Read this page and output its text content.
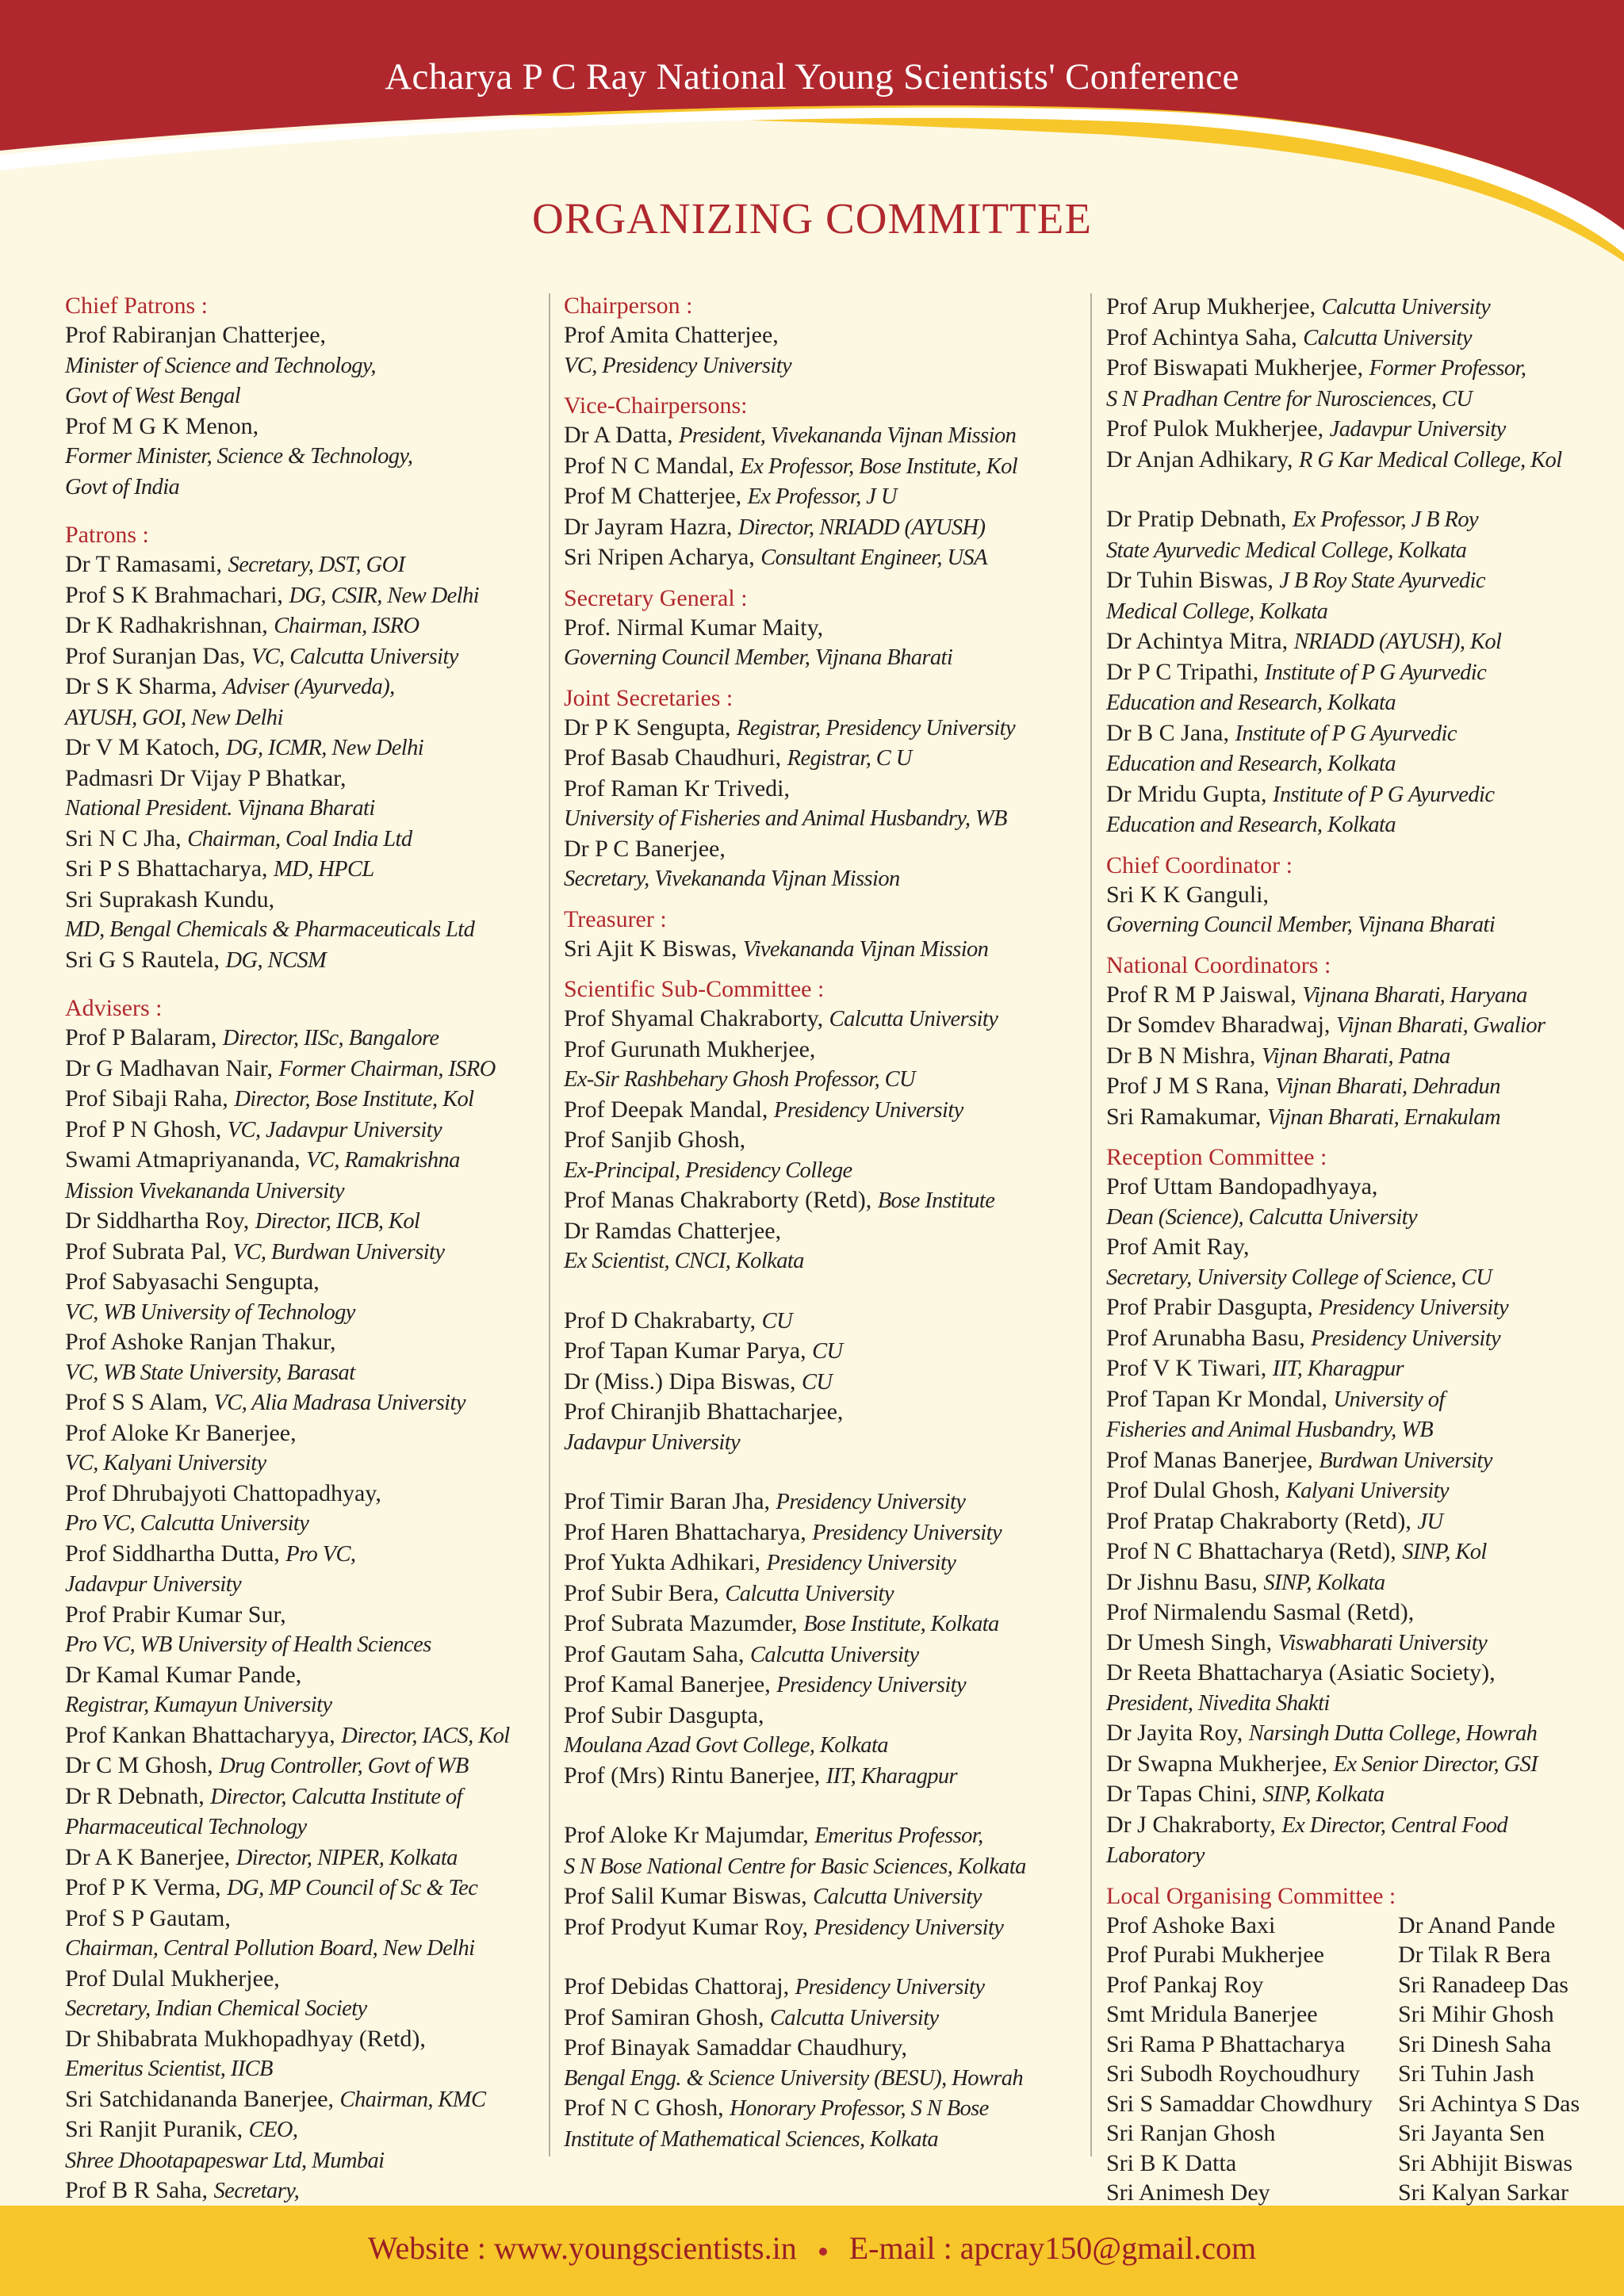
Acharya P C Ray National Young Scientists' Conference
ORGANIZING COMMITTEE
Chief Patrons :
Prof Rabiranjan Chatterjee,
Minister of Science and Technology,
Govt of West Bengal
Prof M G K Menon,
Former Minister, Science & Technology,
Govt of India
Patrons :
Dr T Ramasami, Secretary, DST, GOI
Prof S K Brahmachari, DG, CSIR, New Delhi
Dr K Radhakrishnan, Chairman, ISRO
Prof Suranjan Das, VC, Calcutta University
Dr S K Sharma, Adviser (Ayurveda),
AYUSH, GOI, New Delhi
Dr V M Katoch, DG, ICMR, New Delhi
Padmasri Dr Vijay P Bhatkar,
National President. Vijnana Bharati
Sri N C Jha, Chairman, Coal India Ltd
Sri P S Bhattacharya, MD, HPCL
Sri Suprakash Kundu,
MD, Bengal Chemicals & Pharmaceuticals Ltd
Sri G S Rautela, DG, NCSM
Advisers :
Prof P Balaram, Director, IISc, Bangalore
Dr G Madhavan Nair, Former Chairman, ISRO
Prof Sibaji Raha, Director, Bose Institute, Kol
Prof P N Ghosh, VC, Jadavpur University
Swami Atmapriyananda, VC, Ramakrishna
Mission Vivekananda University
Dr Siddhartha Roy, Director, IICB, Kol
Prof Subrata Pal, VC, Burdwan University
Prof Sabyasachi Sengupta,
VC, WB University of Technology
Prof Ashoke Ranjan Thakur,
VC, WB State University, Barasat
Prof S S Alam, VC, Alia Madrasa University
Prof Aloke Kr Banerjee,
VC, Kalyani University
Prof Dhrubajyoti Chattopadhyay,
Pro VC, Calcutta University
Prof Siddhartha Dutta, Pro VC,
Jadavpur University
Prof Prabir Kumar Sur,
Pro VC, WB University of Health Sciences
Dr Kamal Kumar Pande,
Registrar, Kumayun University
Prof Kankan Bhattacharyya, Director, IACS, Kol
Dr C M Ghosh, Drug Controller, Govt of WB
Dr R Debnath, Director, Calcutta Institute of
Pharmaceutical Technology
Dr A K Banerjee, Director, NIPER, Kolkata
Prof P K Verma, DG, MP Council of Sc & Tec
Prof S P Gautam,
Chairman, Central Pollution Board, New Delhi
Prof Dulal Mukherjee,
Secretary, Indian Chemical Society
Dr Shibabrata Mukhopadhyay (Retd),
Emeritus Scientist, IICB
Sri Satchidananda Banerjee, Chairman, KMC
Sri Ranjit Puranik, CEO,
Shree Dhootapapeswar Ltd, Mumbai
Prof B R Saha, Secretary,
Chairperson :
Prof Amita Chatterjee,
VC, Presidency University
Vice-Chairpersons:
Dr A Datta, President, Vivekananda Vijnan Mission
Prof N C Mandal, Ex Professor, Bose Institute, Kol
Prof M Chatterjee, Ex Professor, J U
Dr Jayram Hazra, Director, NRIADD (AYUSH)
Sri Nripen Acharya, Consultant Engineer, USA
Secretary General :
Prof. Nirmal Kumar Maity,
Governing Council Member, Vijnana Bharati
Joint Secretaries :
Dr P K Sengupta, Registrar, Presidency University
Prof Basab Chaudhuri, Registrar, C U
Prof Raman Kr Trivedi,
University of Fisheries and Animal Husbandry, WB
Dr P C Banerjee,
Secretary, Vivekananda Vijnan Mission
Treasurer :
Sri Ajit K Biswas, Vivekananda Vijnan Mission
Scientific Sub-Committee :
Prof Shyamal Chakraborty, Calcutta University
Prof Gurunath Mukherjee,
Ex-Sir Rashbehary Ghosh Professor, CU
Prof Deepak Mandal, Presidency University
Prof Sanjib Ghosh,
Ex-Principal, Presidency College
Prof Manas Chakraborty (Retd), Bose Institute
Dr Ramdas Chatterjee,
Ex Scientist, CNCI, Kolkata
Prof D Chakrabarty, CU
Prof Tapan Kumar Parya, CU
Dr (Miss.) Dipa Biswas, CU
Prof Chiranjib Bhattacharjee,
Jadavpur University
Prof Timir Baran Jha, Presidency University
Prof Haren Bhattacharya, Presidency University
Prof Yukta Adhikari, Presidency University
Prof Subir Bera, Calcutta University
Prof Subrata Mazumder, Bose Institute, Kolkata
Prof Gautam Saha, Calcutta University
Prof Kamal Banerjee, Presidency University
Prof Subir Dasgupta,
Moulana Azad Govt College, Kolkata
Prof (Mrs) Rintu Banerjee, IIT, Kharagpur
Prof Aloke Kr Majumdar, Emeritus Professor,
S N Bose National Centre for Basic Sciences, Kolkata
Prof Salil Kumar Biswas, Calcutta University
Prof Prodyut Kumar Roy, Presidency University
Prof Debidas Chattoraj, Presidency University
Prof Samiran Ghosh, Calcutta University
Prof Binayak Samaddar Chaudhury,
Bengal Engg. & Science University (BESU), Howrah
Prof N C Ghosh, Honorary Professor, S N Bose
Institute of Mathematical Sciences, Kolkata
Prof Arup Mukherjee, Calcutta University
Prof Achintya Saha, Calcutta University
Prof Biswapati Mukherjee, Former Professor,
S N Pradhan Centre for Nurosciences, CU
Prof Pulok Mukherjee, Jadavpur University
Dr Anjan Adhikary, R G Kar Medical College, Kol
Dr Pratip Debnath, Ex Professor, J B Roy
State Ayurvedic Medical College, Kolkata
Dr Tuhin Biswas, J B Roy State Ayurvedic
Medical College, Kolkata
Dr Achintya Mitra, NRIADD (AYUSH), Kol
Dr P C Tripathi, Institute of P G Ayurvedic
Education and Research, Kolkata
Dr B C Jana, Institute of P G Ayurvedic
Education and Research, Kolkata
Dr Mridu Gupta, Institute of P G Ayurvedic
Education and Research, Kolkata
Chief Coordinator :
Sri K K Ganguli,
Governing Council Member, Vijnana Bharati
National Coordinators :
Prof R M P Jaiswal, Vijnana Bharati, Haryana
Dr Somdev Bharadwaj, Vijnan Bharati, Gwalior
Dr B N Mishra, Vijnan Bharati, Patna
Prof J M S Rana, Vijnan Bharati, Dehradun
Sri Ramakumar, Vijnan Bharati, Ernakulam
Reception Committee :
Prof Uttam Bandopadhyaya,
Dean (Science), Calcutta University
Prof Amit Ray,
Secretary, University College of Science, CU
Prof Prabir Dasgupta, Presidency University
Prof Arunabha Basu, Presidency University
Prof V K Tiwari, IIT, Kharagpur
Prof Tapan Kr Mondal, University of
Fisheries and Animal Husbandry, WB
Prof Manas Banerjee, Burdwan University
Prof Dulal Ghosh, Kalyani University
Prof Pratap Chakraborty (Retd), JU
Prof N C Bhattacharya (Retd), SINP, Kol
Dr Jishnu Basu, SINP, Kolkata
Prof Nirmalendu Sasmal (Retd),
Dr Umesh Singh, Viswabharati University
Dr Reeta Bhattacharya (Asiatic Society),
President, Nivedita Shakti
Dr Jayita Roy, Narsingh Dutta College, Howrah
Dr Swapna Mukherjee, Ex Senior Director, GSI
Dr Tapas Chini, SINP, Kolkata
Dr J Chakraborty, Ex Director, Central Food
Laboratory
Local Organising Committee :
Prof Ashoke Baxi
Prof Purabi Mukherjee
Prof Pankaj Roy
Smt Mridula Banerjee
Sri Rama P Bhattacharya
Sri Subodh Roychoudhury
Sri S Samaddar Chowdhury
Sri Ranjan Ghosh
Sri B K Datta
Sri Animesh Dey
Dr Anand Pande
Dr Tilak R Bera
Sri Ranadeep Das
Sri Mihir Ghosh
Sri Dinesh Saha
Sri Tuhin Jash
Sri Achintya S Das
Sri Jayanta Sen
Sri Abhijit Biswas
Sri Kalyan Sarkar
Website : www.youngscientists.in E-mail : apcray150@gmail.com
